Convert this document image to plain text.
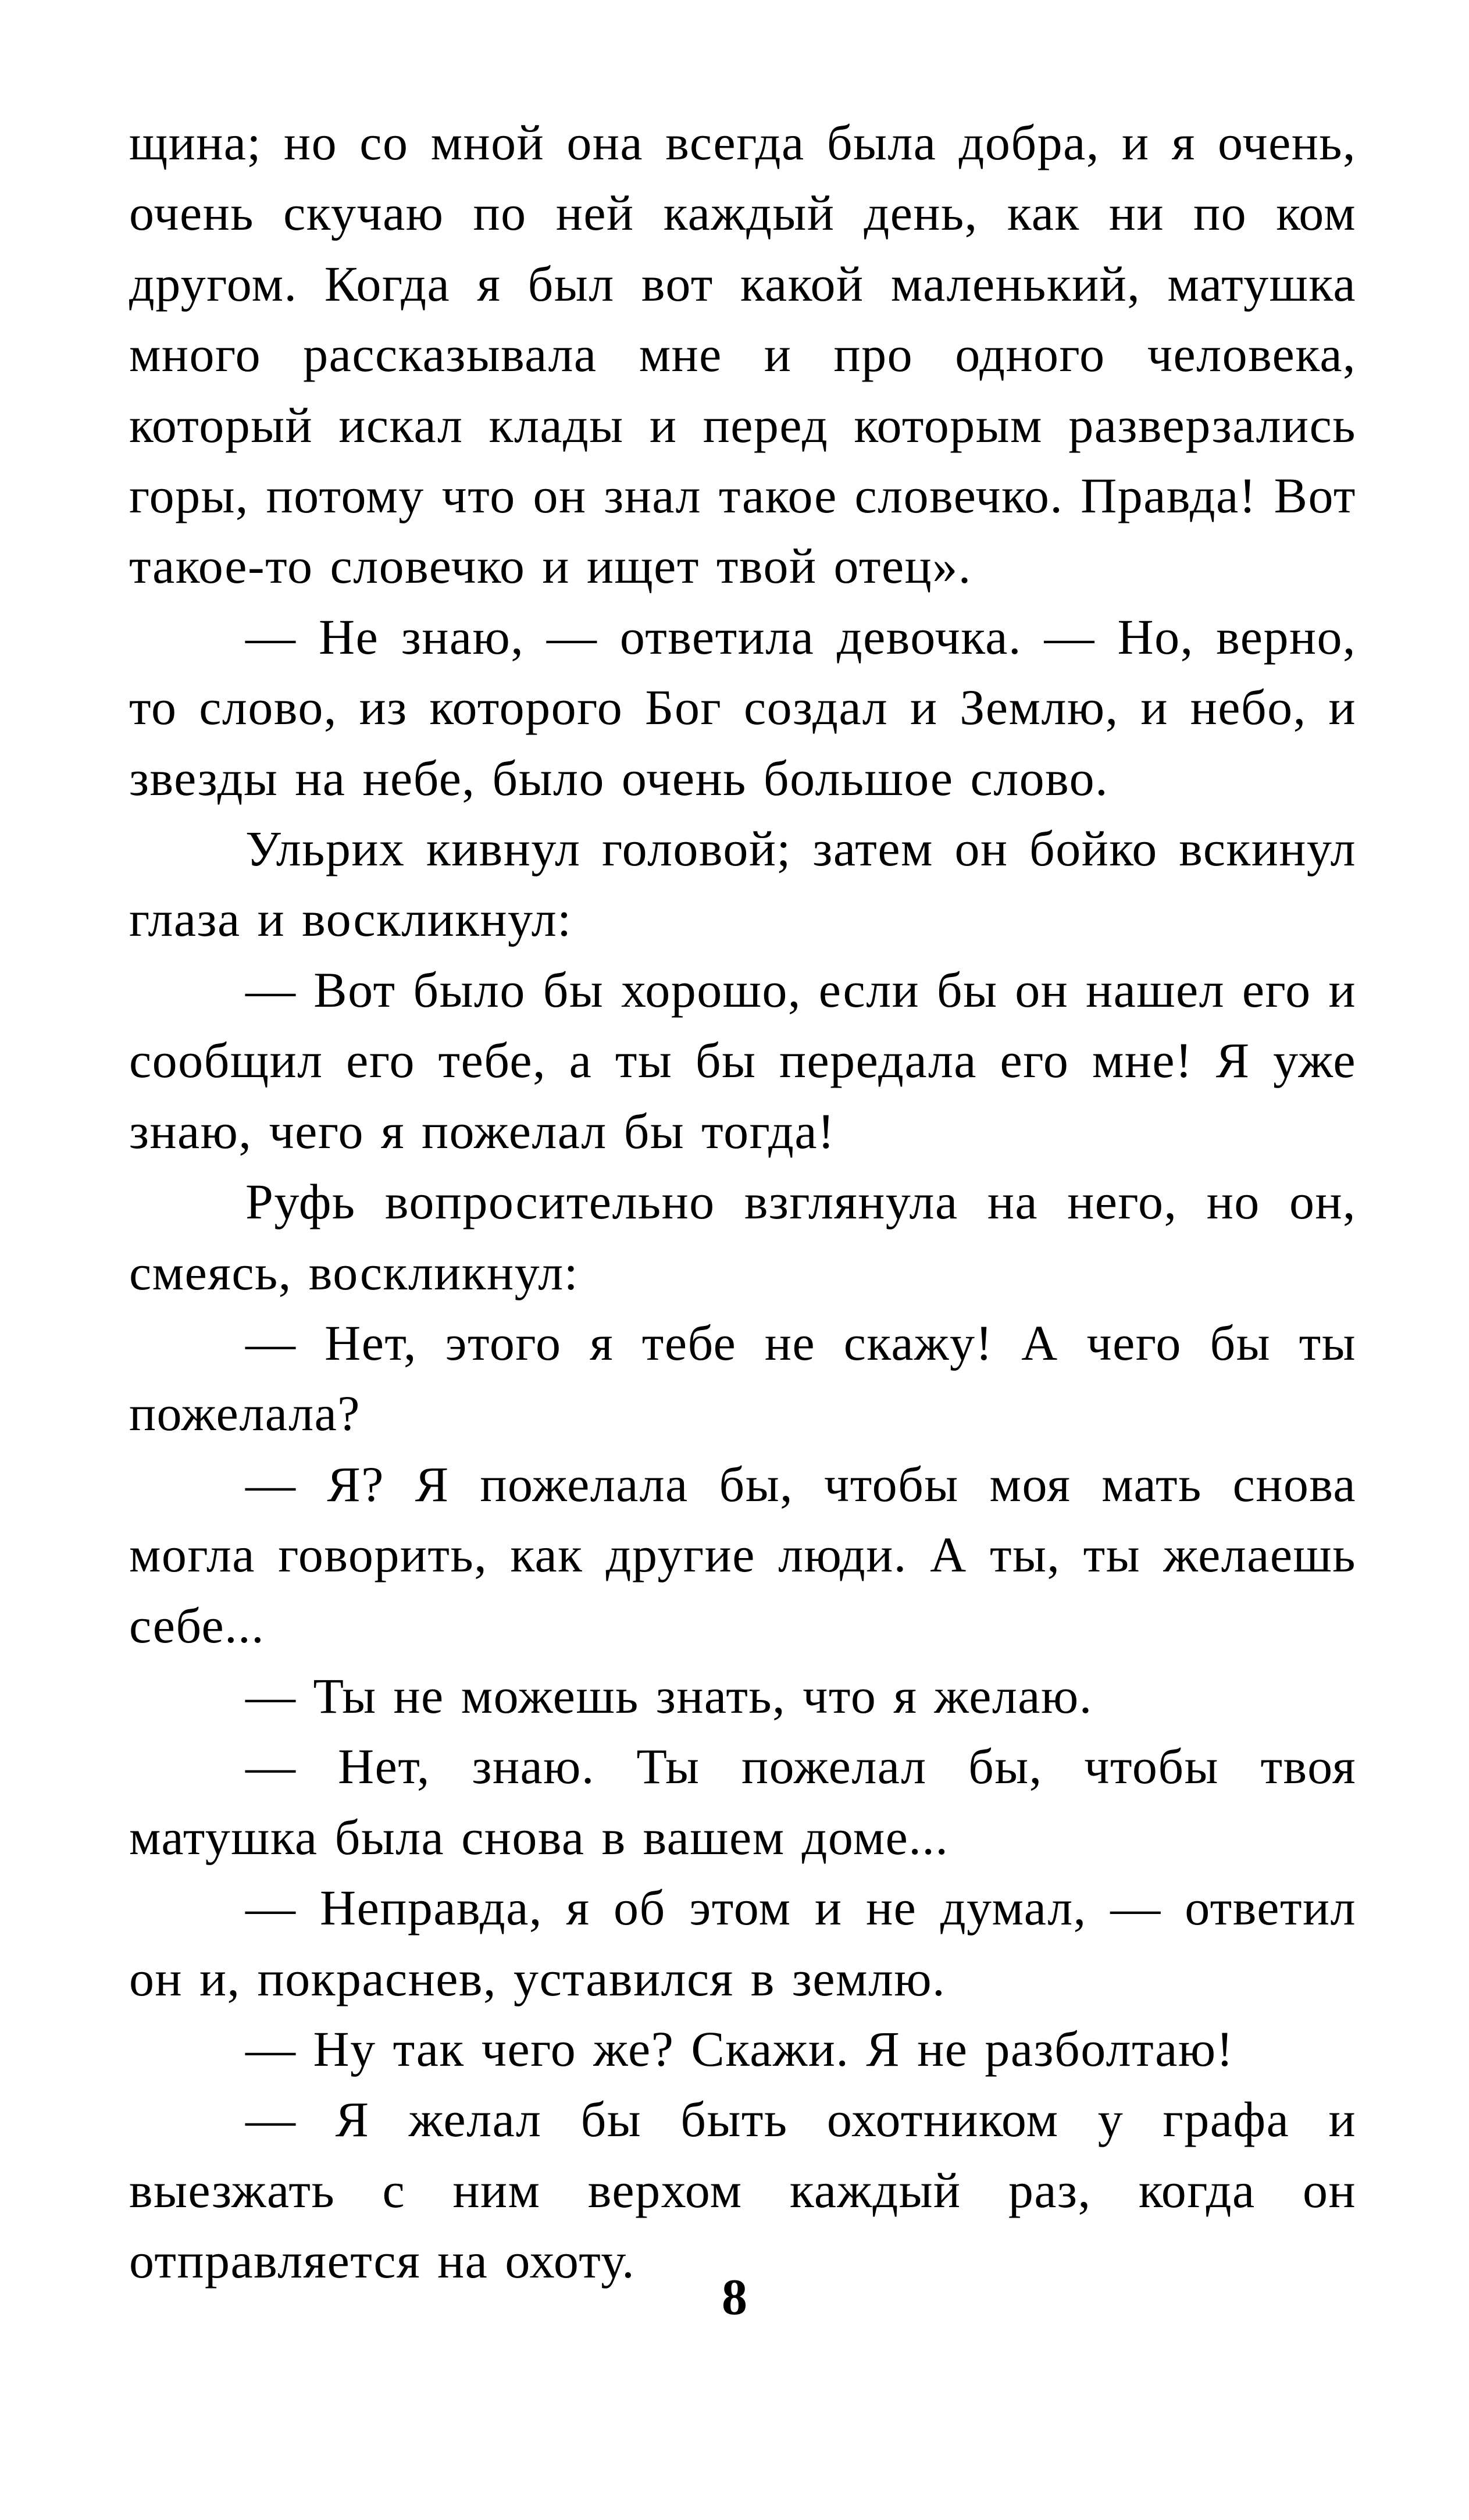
щина; но со мной она всегда была добра, и я очень, очень скучаю по ней каждый день, как ни по ком другом. Когда я был вот какой маленький, матушка много рассказывала мне и про одного человека, который искал клады и перед которым разверзались горы, потому что он знал такое словечко. Правда! Вот такое-то словечко и ищет твой отец».

— Не знаю, — ответила девочка. — Но, верно, то слово, из которого Бог создал и Землю, и небо, и звезды на небе, было очень большое слово.

Ульрих кивнул головой; затем он бойко вскинул глаза и воскликнул:

— Вот было бы хорошо, если бы он нашел его и сообщил его тебе, а ты бы передала его мне! Я уже знаю, чего я пожелал бы тогда!

Руфь вопросительно взглянула на него, но он, смеясь, воскликнул:

— Нет, этого я тебе не скажу! А чего бы ты пожелала?

— Я? Я пожелала бы, чтобы моя мать снова могла говорить, как другие люди. А ты, ты желаешь себе...

— Ты не можешь знать, что я желаю.

— Нет, знаю. Ты пожелал бы, чтобы твоя матушка была снова в вашем доме...

— Неправда, я об этом и не думал, — ответил он и, покраснев, уставился в землю.

— Ну так чего же? Скажи. Я не разболтаю!

— Я желал бы быть охотником у графа и выезжать с ним верхом каждый раз, когда он отправляется на охоту.

8
